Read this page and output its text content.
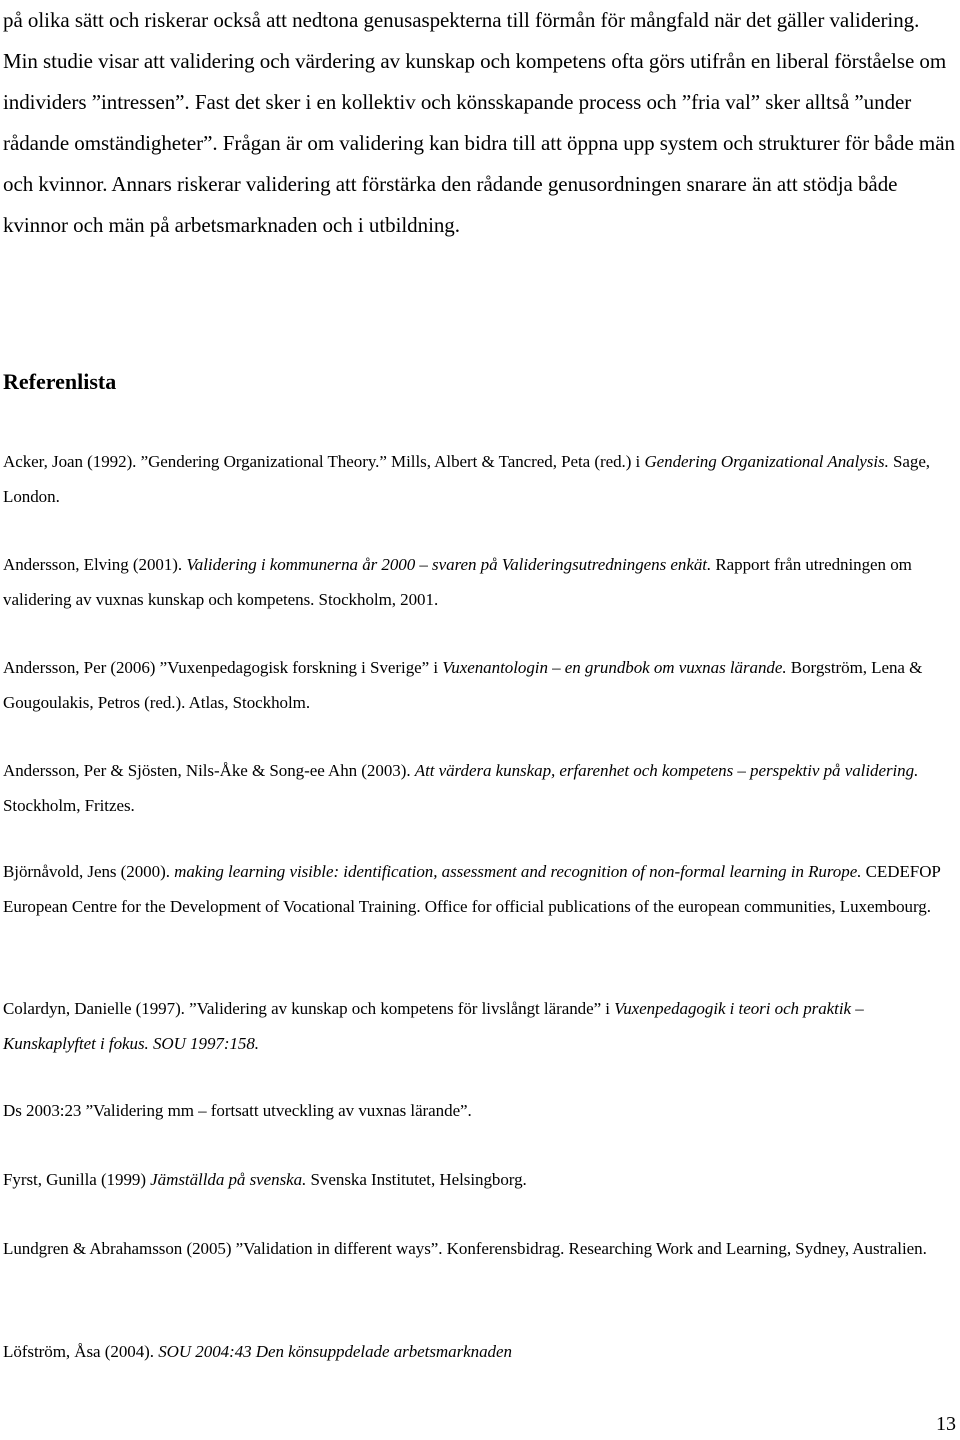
på olika sätt och riskerar också att nedtona genusaspekterna till förmån för mångfald när det gäller validering. Min studie visar att validering och värdering av kunskap och kompetens ofta görs utifrån en liberal förståelse om individers ”intressen”. Fast det sker i en kollektiv och könsskapande process och ”fria val” sker alltså ”under rådande omständigheter”. Frågan är om validering kan bidra till att öppna upp system och strukturer för både män och kvinnor. Annars riskerar validering att förstärka den rådande genusordningen snarare än att stödja både kvinnor och män på arbetsmarknaden och i utbildning.

Referenlista

Acker, Joan (1992). ”Gendering Organizational Theory.” Mills, Albert & Tancred, Peta (red.) i Gendering Organizational Analysis. Sage, London.

Andersson, Elving (2001). Validering i kommunerna år 2000 – svaren på Valideringsutredningens enkät. Rapport från utredningen om validering av vuxnas kunskap och kompetens. Stockholm, 2001.

Andersson, Per (2006) ”Vuxenpedagogisk forskning i Sverige” i Vuxenantologin – en grundbok om vuxnas lärande. Borgström, Lena & Gougoulakis, Petros (red.). Atlas, Stockholm.

Andersson, Per & Sjösten, Nils-Åke & Song-ee Ahn (2003). Att värdera kunskap, erfarenhet och kompetens – perspektiv på validering. Stockholm, Fritzes.

Björnåvold, Jens (2000). making learning visible: identification, assessment and recognition of non-formal learning in Rurope. CEDEFOP European Centre for the Development of Vocational Training. Office for official publications of the european communities, Luxembourg.

Colardyn, Danielle (1997). ”Validering av kunskap och kompetens för livslångt lärande” i Vuxenpedagogik i teori och praktik – Kunskaplyftet i fokus. SOU 1997:158.

Ds 2003:23 ”Validering mm – fortsatt utveckling av vuxnas lärande”.

Fyrst, Gunilla (1999) Jämställda på svenska. Svenska Institutet, Helsingborg.

Lundgren & Abrahamsson (2005) ”Validation in different ways”. Konferensbidrag. Researching Work and Learning, Sydney, Australien.

Löfström, Åsa (2004). SOU 2004:43 Den könsuppdelade arbetsmarknaden

13
